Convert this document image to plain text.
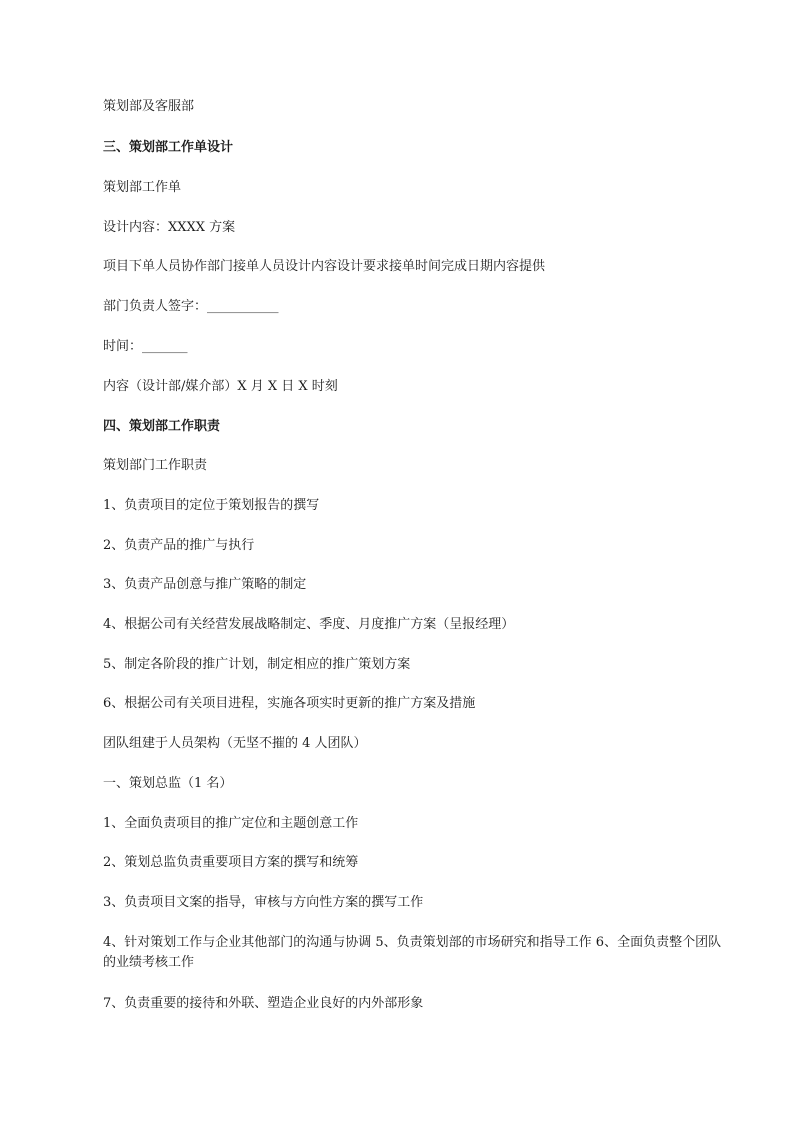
策划部及客服部
三、策划部工作单设计
策划部工作单
设计内容：XXXX 方案
项目下单人员协作部门接单人员设计内容设计要求接单时间完成日期内容提供
部门负责人签字：___________
时间：_______
内容（设计部/媒介部）X 月 X 日 X 时刻
四、策划部工作职责
策划部门工作职责
1、负责项目的定位于策划报告的撰写
2、负责产品的推广与执行
3、负责产品创意与推广策略的制定
4、根据公司有关经营发展战略制定、季度、月度推广方案（呈报经理）
5、制定各阶段的推广计划，制定相应的推广策划方案
6、根据公司有关项目进程，实施各项实时更新的推广方案及措施
团队组建于人员架构（无坚不摧的 4 人团队）
一、策划总监（1 名）
1、全面负责项目的推广定位和主题创意工作
2、策划总监负责重要项目方案的撰写和统筹
3、负责项目文案的指导，审核与方向性方案的撰写工作
4、针对策划工作与企业其他部门的沟通与协调 5、负责策划部的市场研究和指导工作 6、全面负责整个团队的业绩考核工作
7、负责重要的接待和外联、塑造企业良好的内外部形象
